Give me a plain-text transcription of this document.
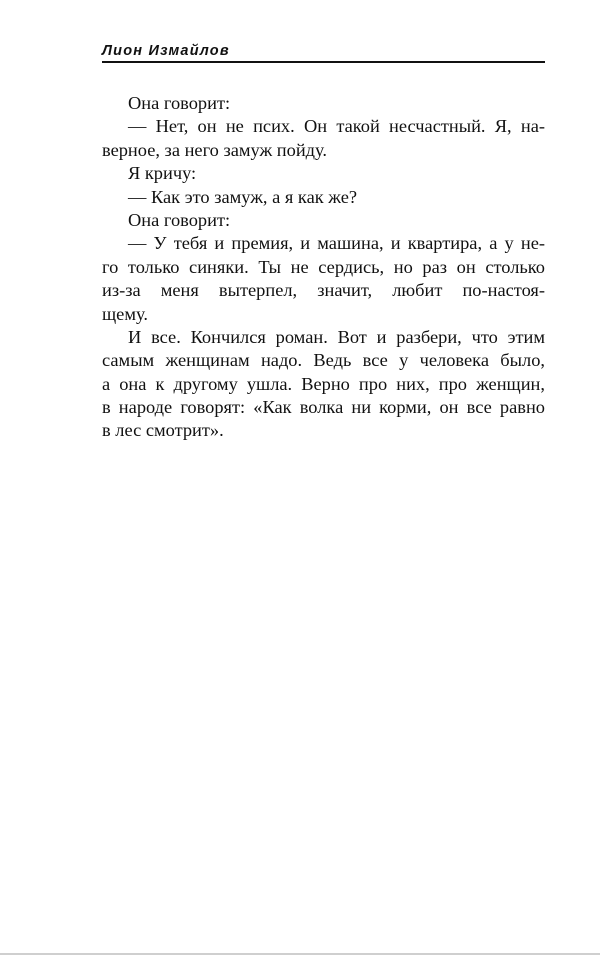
Лион Измайлов
Она говорит:
— Нет, он не псих. Он такой несчастный. Я, на-
верное, за него замуж пойду.
Я кричу:
— Как это замуж, а я как же?
Она говорит:
— У тебя и премия, и машина, и квартира, а у не-
го только синяки. Ты не сердись, но раз он столько
из-за меня вытерпел, значит, любит по-настоя-
щему.
И все. Кончился роман. Вот и разбери, что этим
самым женщинам надо. Ведь все у человека было,
а она к другому ушла. Верно про них, про женщин,
в народе говорят: «Как волка ни корми, он все равно
в лес смотрит».
